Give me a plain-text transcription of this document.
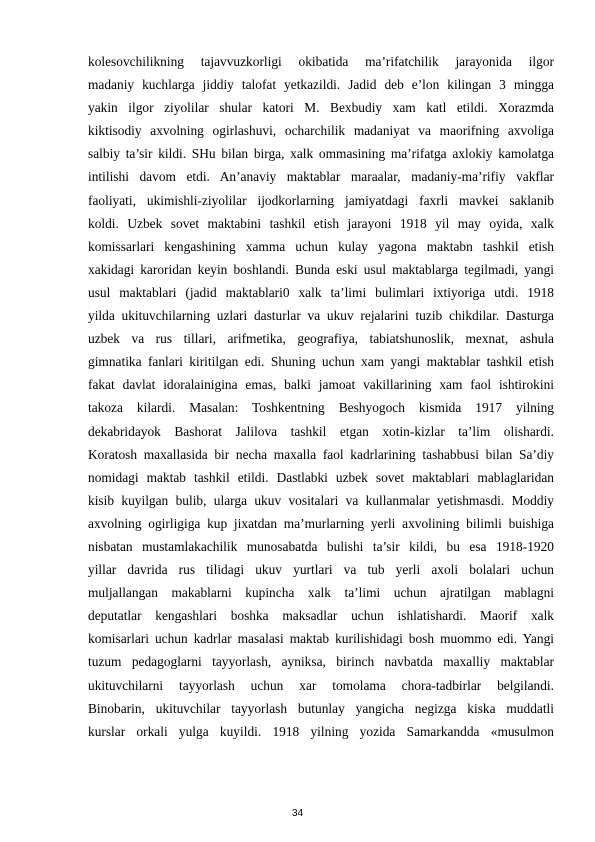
kolesovchilikning tajavvuzkorligi okibatida ma’rifatchilik jarayonida ilgor
madaniy kuchlarga jiddiy talofat yetkazildi. Jadid deb e’lon kilingan 3 mingga
yakin ilgor ziyolilar shular katori M. Bexbudiy xam katl etildi. Xorazmda
kiktisodiy axvolning ogirlashuvi, ocharchilik madaniyat va maorifning axvoliga
salbiy ta’sir kildi. SHu bilan birga, xalk ommasining ma’rifatga axlokiy kamolatga
intilishi davom etdi. An’anaviy maktablar maraalar, madaniy-ma’rifiy vakflar
faoliyati, ukimishli-ziyolilar ijodkorlarning jamiyatdagi faxrli mavkei saklanib
koldi. Uzbek sovet maktabini tashkil etish jarayoni 1918 yil may oyida, xalk
komissarlari kengashining xamma uchun kulay yagona maktabn tashkil etish
xakidagi karoridan keyin boshlandi. Bunda eski usul maktablarga tegilmadi, yangi
usul maktablari (jadid maktablari0 xalk ta’limi bulimlari ixtiyoriga utdi. 1918
yilda ukituvchilarning uzlari dasturlar va ukuv rejalarini tuzib chikdilar. Dasturga
uzbek va rus tillari, arifmetika, geografiya, tabiatshunoslik, mexnat, ashula
gimnatika fanlari kiritilgan edi. Shuning uchun xam yangi maktablar tashkil etish
fakat davlat idoralainigina emas, balki jamoat vakillarining xam faol ishtirokini
takoza kilardi. Masalan: Toshkentning Beshyogoch kismida 1917 yilning
dekabridayok Bashorat Jalilova tashkil etgan xotin-kizlar ta’lim olishardi.
Koratosh maxallasida bir necha maxalla faol kadrlarining tashabbusi bilan Sa’diy
nomidagi maktab tashkil etildi. Dastlabki uzbek sovet maktablari mablaglaridan
kisib kuyilgan bulib, ularga ukuv vositalari va kullanmalar yetishmasdi. Moddiy
axvolning ogirligiga kup jixatdan ma’murlarning yerli axvolining bilimli buishiga
nisbatan mustamlakachilik munosabatda bulishi ta’sir kildi, bu esa 1918-1920
yillar davrida rus tilidagi ukuv yurtlari va tub yerli axoli bolalari uchun
muljallangan makablarni kupincha xalk ta’limi uchun ajratilgan mablagni
deputatlar kengashlari boshka maksadlar uchun ishlatishardi. Maorif xalk
komisarlari uchun kadrlar masalasi maktab kurilishidagi bosh muommo edi. Yangi
tuzum pedagoglarni tayyorlash, ayniksa, birinch navbatda maxalliy maktablar
ukituvchilarni tayyorlash uchun xar tomolama chora-tadbirlar belgilandi.
Binobarin, ukituvchilar tayyorlash butunlay yangicha negizga kiska muddatli
kurslar orkali yulga kuyildi. 1918 yilning yozida Samarkandda «musulmon
34
